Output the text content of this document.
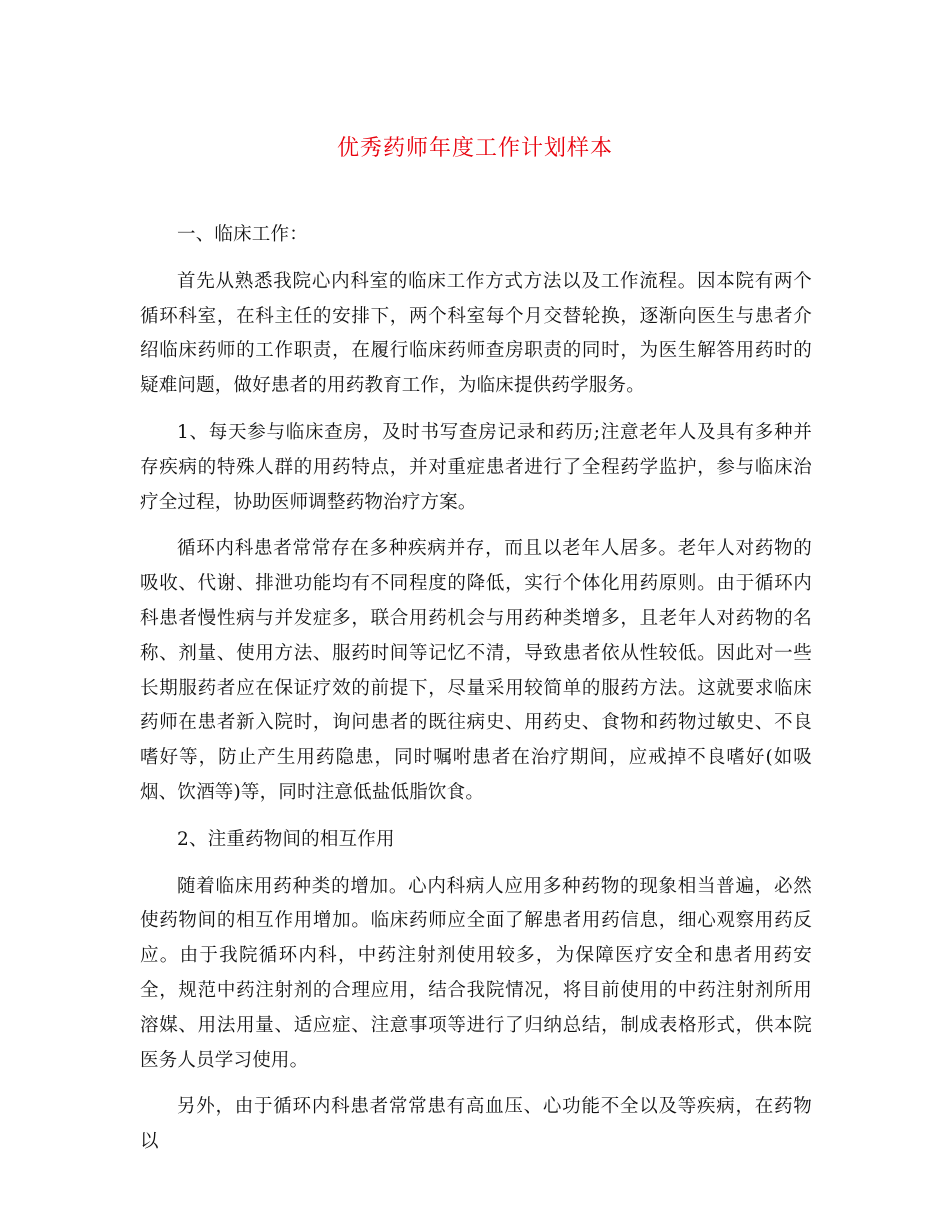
优秀药师年度工作计划样本

一、临床工作：

首先从熟悉我院心内科室的临床工作方式方法以及工作流程。因本院有两个循环科室，在科主任的安排下，两个科室每个月交替轮换，逐渐向医生与患者介绍临床药师的工作职责，在履行临床药师查房职责的同时，为医生解答用药时的疑难问题，做好患者的用药教育工作，为临床提供药学服务。

1、每天参与临床查房，及时书写查房记录和药历;注意老年人及具有多种并存疾病的特殊人群的用药特点，并对重症患者进行了全程药学监护，参与临床治疗全过程，协助医师调整药物治疗方案。

循环内科患者常常存在多种疾病并存，而且以老年人居多。老年人对药物的吸收、代谢、排泄功能均有不同程度的降低，实行个体化用药原则。由于循环内科患者慢性病与并发症多，联合用药机会与用药种类增多，且老年人对药物的名称、剂量、使用方法、服药时间等记忆不清，导致患者依从性较低。因此对一些长期服药者应在保证疗效的前提下，尽量采用较简单的服药方法。这就要求临床药师在患者新入院时，询问患者的既往病史、用药史、食物和药物过敏史、不良嗜好等，防止产生用药隐患，同时嘱咐患者在治疗期间，应戒掉不良嗜好(如吸烟、饮酒等)等，同时注意低盐低脂饮食。

2、注重药物间的相互作用

随着临床用药种类的增加。心内科病人应用多种药物的现象相当普遍，必然使药物间的相互作用增加。临床药师应全面了解患者用药信息，细心观察用药反应。由于我院循环内科，中药注射剂使用较多，为保障医疗安全和患者用药安全，规范中药注射剂的合理应用，结合我院情况，将目前使用的中药注射剂所用溶媒、用法用量、适应症、注意事项等进行了归纳总结，制成表格形式，供本院医务人员学习使用。

另外，由于循环内科患者常常患有高血压、心功能不全以及等疾病，在药物以
